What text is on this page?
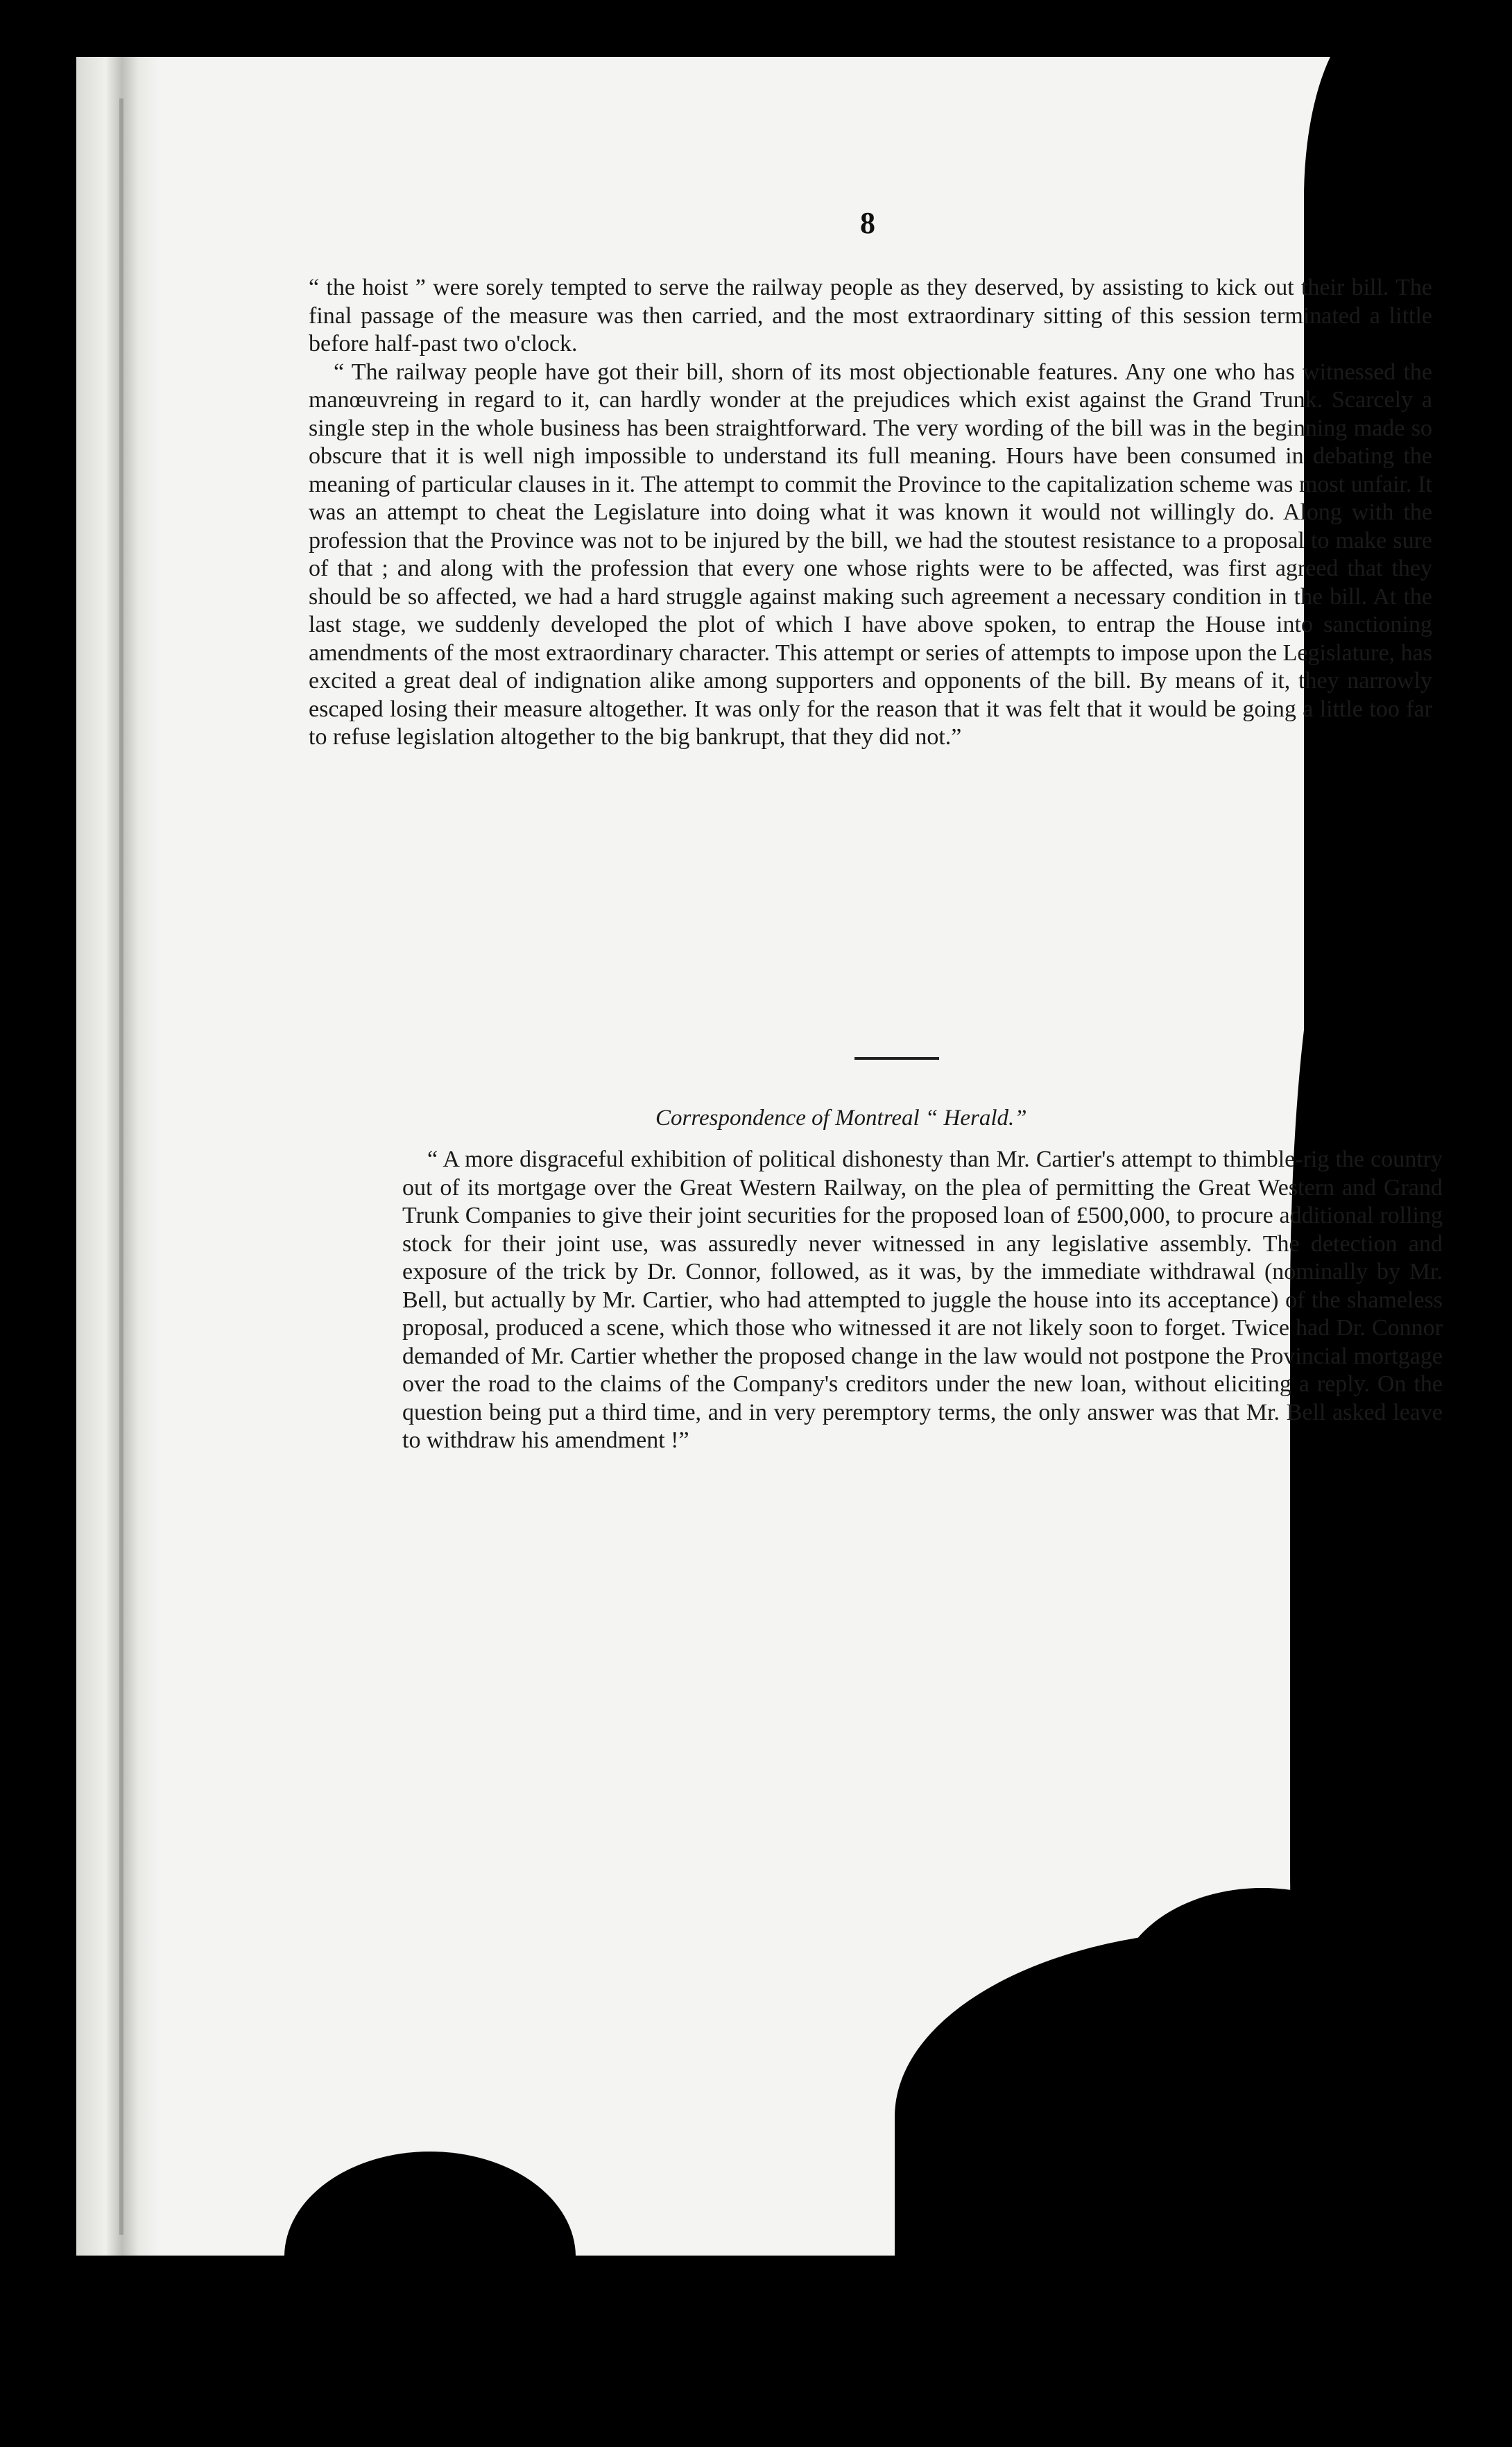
8

“ the hoist ” were sorely tempted to serve the railway people as they deserved, by assisting to kick out their bill. The final passage of the measure was then carried, and the most extraordinary sitting of this session terminated a little before half-past two o'clock.

“ The railway people have got their bill, shorn of its most objectionable features. Any one who has witnessed the manœuvreing in regard to it, can hardly wonder at the prejudices which exist against the Grand Trunk. Scarcely a single step in the whole business has been straightforward. The very wording of the bill was in the beginning made so obscure that it is well nigh impossible to understand its full meaning. Hours have been consumed in debating the meaning of particular clauses in it. The attempt to commit the Province to the capitalization scheme was most unfair. It was an attempt to cheat the Legislature into doing what it was known it would not willingly do. Along with the profession that the Province was not to be injured by the bill, we had the stoutest resistance to a proposal to make sure of that ; and along with the profession that every one whose rights were to be affected, was first agreed that they should be so affected, we had a hard struggle against making such agreement a necessary condition in the bill. At the last stage, we suddenly developed the plot of which I have above spoken, to entrap the House into sanctioning amendments of the most extraordinary character. This attempt or series of attempts to impose upon the Legislature, has excited a great deal of indignation alike among supporters and opponents of the bill. By means of it, they narrowly escaped losing their measure altogether. It was only for the reason that it was felt that it would be going a little too far to refuse legislation altogether to the big bankrupt, that they did not.”

Correspondence of Montreal “ Herald.”

“ A more disgraceful exhibition of political dishonesty than Mr. Cartier's attempt to thimble-rig the country out of its mortgage over the Great Western Railway, on the plea of permitting the Great Western and Grand Trunk Companies to give their joint securities for the proposed loan of £500,000, to procure additional rolling stock for their joint use, was assuredly never witnessed in any legislative assembly. The detection and exposure of the trick by Dr. Connor, followed, as it was, by the immediate withdrawal (nominally by Mr. Bell, but actually by Mr. Cartier, who had attempted to juggle the house into its acceptance) of the shameless proposal, produced a scene, which those who witnessed it are not likely soon to forget. Twice had Dr. Connor demanded of Mr. Cartier whether the proposed change in the law would not postpone the Provincial mortgage over the road to the claims of the Company's creditors under the new loan, without eliciting a reply. On the question being put a third time, and in very peremptory terms, the only answer was that Mr. Bell asked leave to withdraw his amendment !”
